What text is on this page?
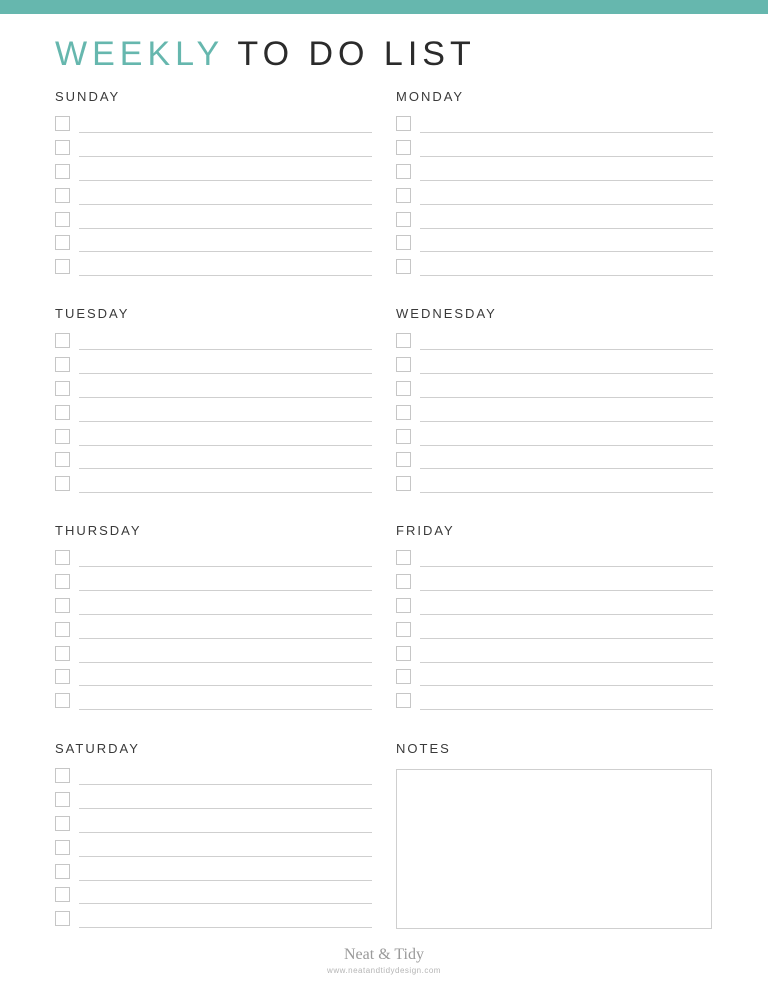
WEEKLY TO DO LIST
SUNDAY	MONDAY
TUESDAY	WEDNESDAY
THURSDAY	FRIDAY
SATURDAY	NOTES
Neat & Tidy
www.neatandtidydesign.com
